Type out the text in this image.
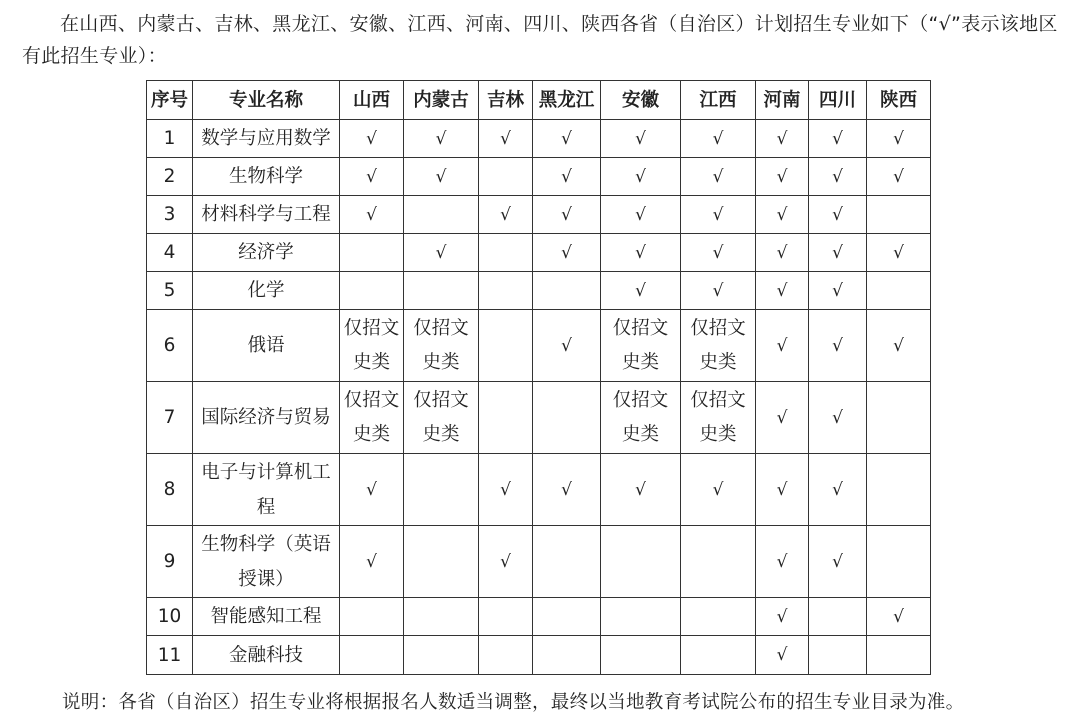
在山西、内蒙古、吉林、黑龙江、安徽、江西、河南、四川、陕西各省（自治区）计划招生专业如下（“√”表示该地区有此招生专业）：

序号	专业名称	山西	内蒙古	吉林	黑龙江	安徽	江西	河南	四川	陕西
1	数学与应用数学	√	√	√	√	√	√	√	√	√
2	生物科学	√	√		√	√	√	√	√	√
3	材料科学与工程	√		√	√	√	√	√	√	
4	经济学		√		√	√	√	√	√	√
5	化学					√	√	√	√	
6	俄语	仅招文史类	仅招文史类		√	仅招文史类	仅招文史类	√	√	√
7	国际经济与贸易	仅招文史类	仅招文史类			仅招文史类	仅招文史类	√	√	
8	电子与计算机工程	√		√	√	√	√	√	√	
9	生物科学（英语授课）	√		√				√	√	
10	智能感知工程							√		√
11	金融科技							√		

说明：各省（自治区）招生专业将根据报名人数适当调整，最终以当地教育考试院公布的招生专业目录为准。
